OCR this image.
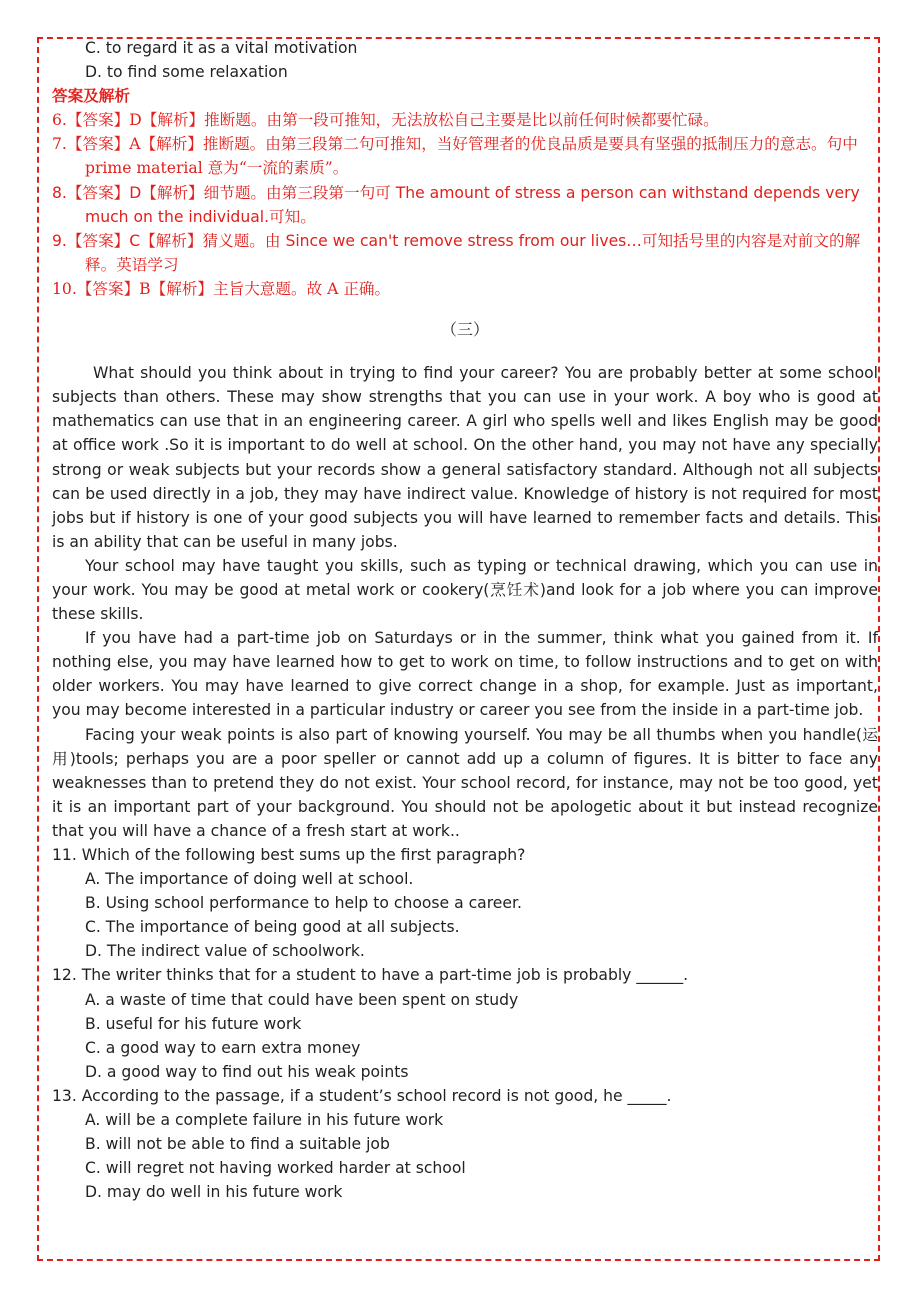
C. to regard it as a vital motivation
D. to find some relaxation
答案及解析
6.【答案】D【解析】推断题。由第一段可推知，无法放松自己主要是比以前任何时候都要忙碌。
7.【答案】A【解析】推断题。由第三段第二句可推知，当好管理者的优良品质是要具有坚强的抵制压力的意志。句中 prime material 意为“一流的素质”。
8.【答案】D【解析】细节题。由第三段第一句可 The amount of stress a person can withstand depends very much on the individual.可知。
9.【答案】C【解析】猜义题。由 Since we can't remove stress from our lives…可知括号里的内容是对前文的解释。英语学习
10.【答案】B【解析】主旨大意题。故 A 正确。
（三）
What should you think about in trying to find your career? You are probably better at some school subjects than others. These may show strengths that you can use in your work. A boy who is good at mathematics can use that in an engineering career. A girl who spells well and likes English may be good at office work .So it is important to do well at school. On the other hand, you may not have any specially strong or weak subjects but your records show a general satisfactory standard. Although not all subjects can be used directly in a job, they may have indirect value. Knowledge of history is not required for most jobs but if history is one of your good subjects you will have learned to remember facts and details. This is an ability that can be useful in many jobs.
Your school may have taught you skills, such as typing or technical drawing, which you can use in your work. You may be good at metal work or cookery(烹饪术)and look for a job where you can improve these skills.
If you have had a part-time job on Saturdays or in the summer, think what you gained from it. If nothing else, you may have learned how to get to work on time, to follow instructions and to get on with older workers. You may have learned to give correct change in a shop, for example. Just as important, you may become interested in a particular industry or career you see from the inside in a part-time job.
Facing your weak points is also part of knowing yourself. You may be all thumbs when you handle(运用)tools; perhaps you are a poor speller or cannot add up a column of figures. It is bitter to face any weaknesses than to pretend they do not exist. Your school record, for instance, may not be too good, yet it is an important part of your background. You should not be apologetic about it but instead recognize that you will have a chance of a fresh start at work..
11. Which of the following best sums up the first paragraph?
A. The importance of doing well at school.
B. Using school performance to help to choose a career.
C. The importance of being good at all subjects.
D. The indirect value of schoolwork.
12. The writer thinks that for a student to have a part-time job is probably ______.
A. a waste of time that could have been spent on study
B. useful for his future work
C. a good way to earn extra money
D. a good way to find out his weak points
13. According to the passage, if a student’s school record is not good, he _____.
A. will be a complete failure in his future work
B. will not be able to find a suitable job
C. will regret not having worked harder at school
D. may do well in his future work
